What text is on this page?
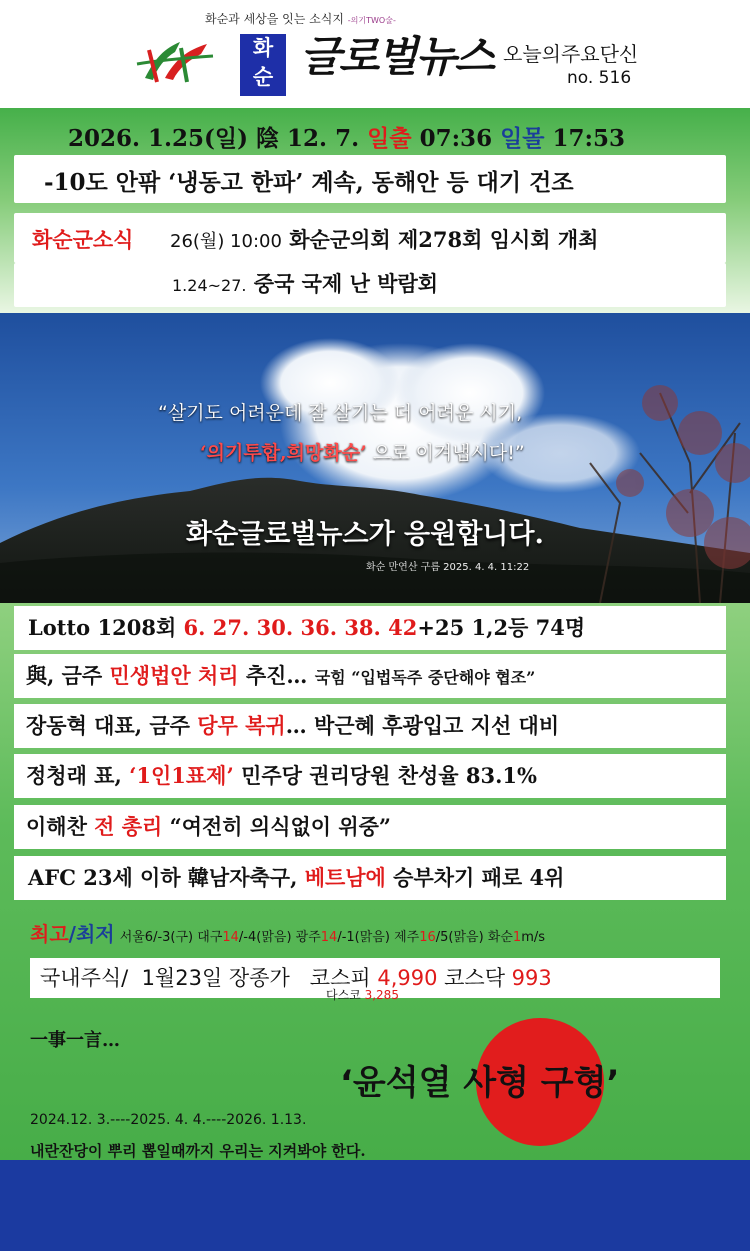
화순과 세상을 잇는 소식지 -의기TWO술-
화
순 글로벌뉴스 오늘의주요단신
no. 516
2026. 1.25(일) 陰 12. 7. 일출 07:36 일몰 17:53
-10도 안팎 ‘냉동고 한파’ 계속, 동해안 등 대기 건조
화순군소식 26(월) 10:00 화순군의회 제278회 임시회 개최
1.24~27. 중국 국제 난 박람회
“살기도 어려운데 잘 살기는 더 어려운 시기,
‘의기투합,희망화순’ 으로 이겨냅시다!”
화순글로벌뉴스가 응원합니다.
화순 만연산 구름 2025. 4. 4. 11:22
Lotto 1208회 6. 27. 30. 36. 38. 42+25 1,2등 74명
與, 금주 민생법안 처리 추진… 국힘 “입법독주 중단해야 협조”
장동혁 대표, 금주 당무 복귀… 박근혜 후광입고 지선 대비
정청래 표, ‘1인1표제’ 민주당 권리당원 찬성율 83.1%
이해찬 전 총리 “여전히 의식없이 위중”
AFC 23세 이하 韓남자축구, 베트남에 승부차기 패로 4위
최고/최저 서울6/-3(구) 대구14/-4(맑음) 광주14/-1(맑음) 제주16/5(맑음) 화순1m/s
국내주식/  1월23일 장종가   코스피 4,990 코스닥 993
다스코 3,285
一事一言…
‘윤석열 사형 구형’
2024.12. 3.----2025. 4. 4.----2026. 1.13.
내란잔당이 뿌리 뽑일때까지 우리는 지켜봐야 한다.
